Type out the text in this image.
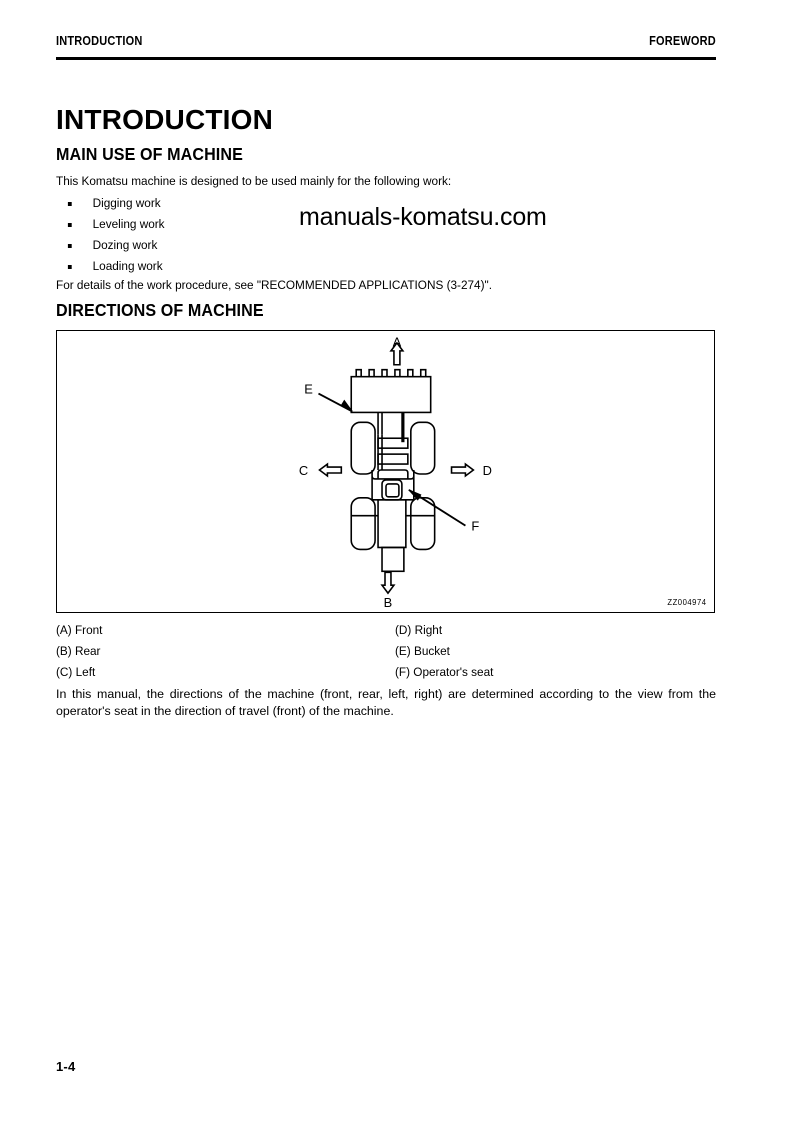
INTRODUCTION	FOREWORD
INTRODUCTION
MAIN USE OF MACHINE
This Komatsu machine is designed to be used mainly for the following work:
Digging work
Leveling work
Dozing work
Loading work
For details of the work procedure, see "RECOMMENDED APPLICATIONS (3-274)".
manuals-komatsu.com
DIRECTIONS OF MACHINE
A
B
C	D
E
F
ZZ004974
(A) Front	(D) Right
(B) Rear	(E) Bucket
(C) Left	(F) Operator's seat
In this manual, the directions of the machine (front, rear, left, right) are determined according to the view from the operator's seat in the direction of travel (front) of the machine.
1-4
